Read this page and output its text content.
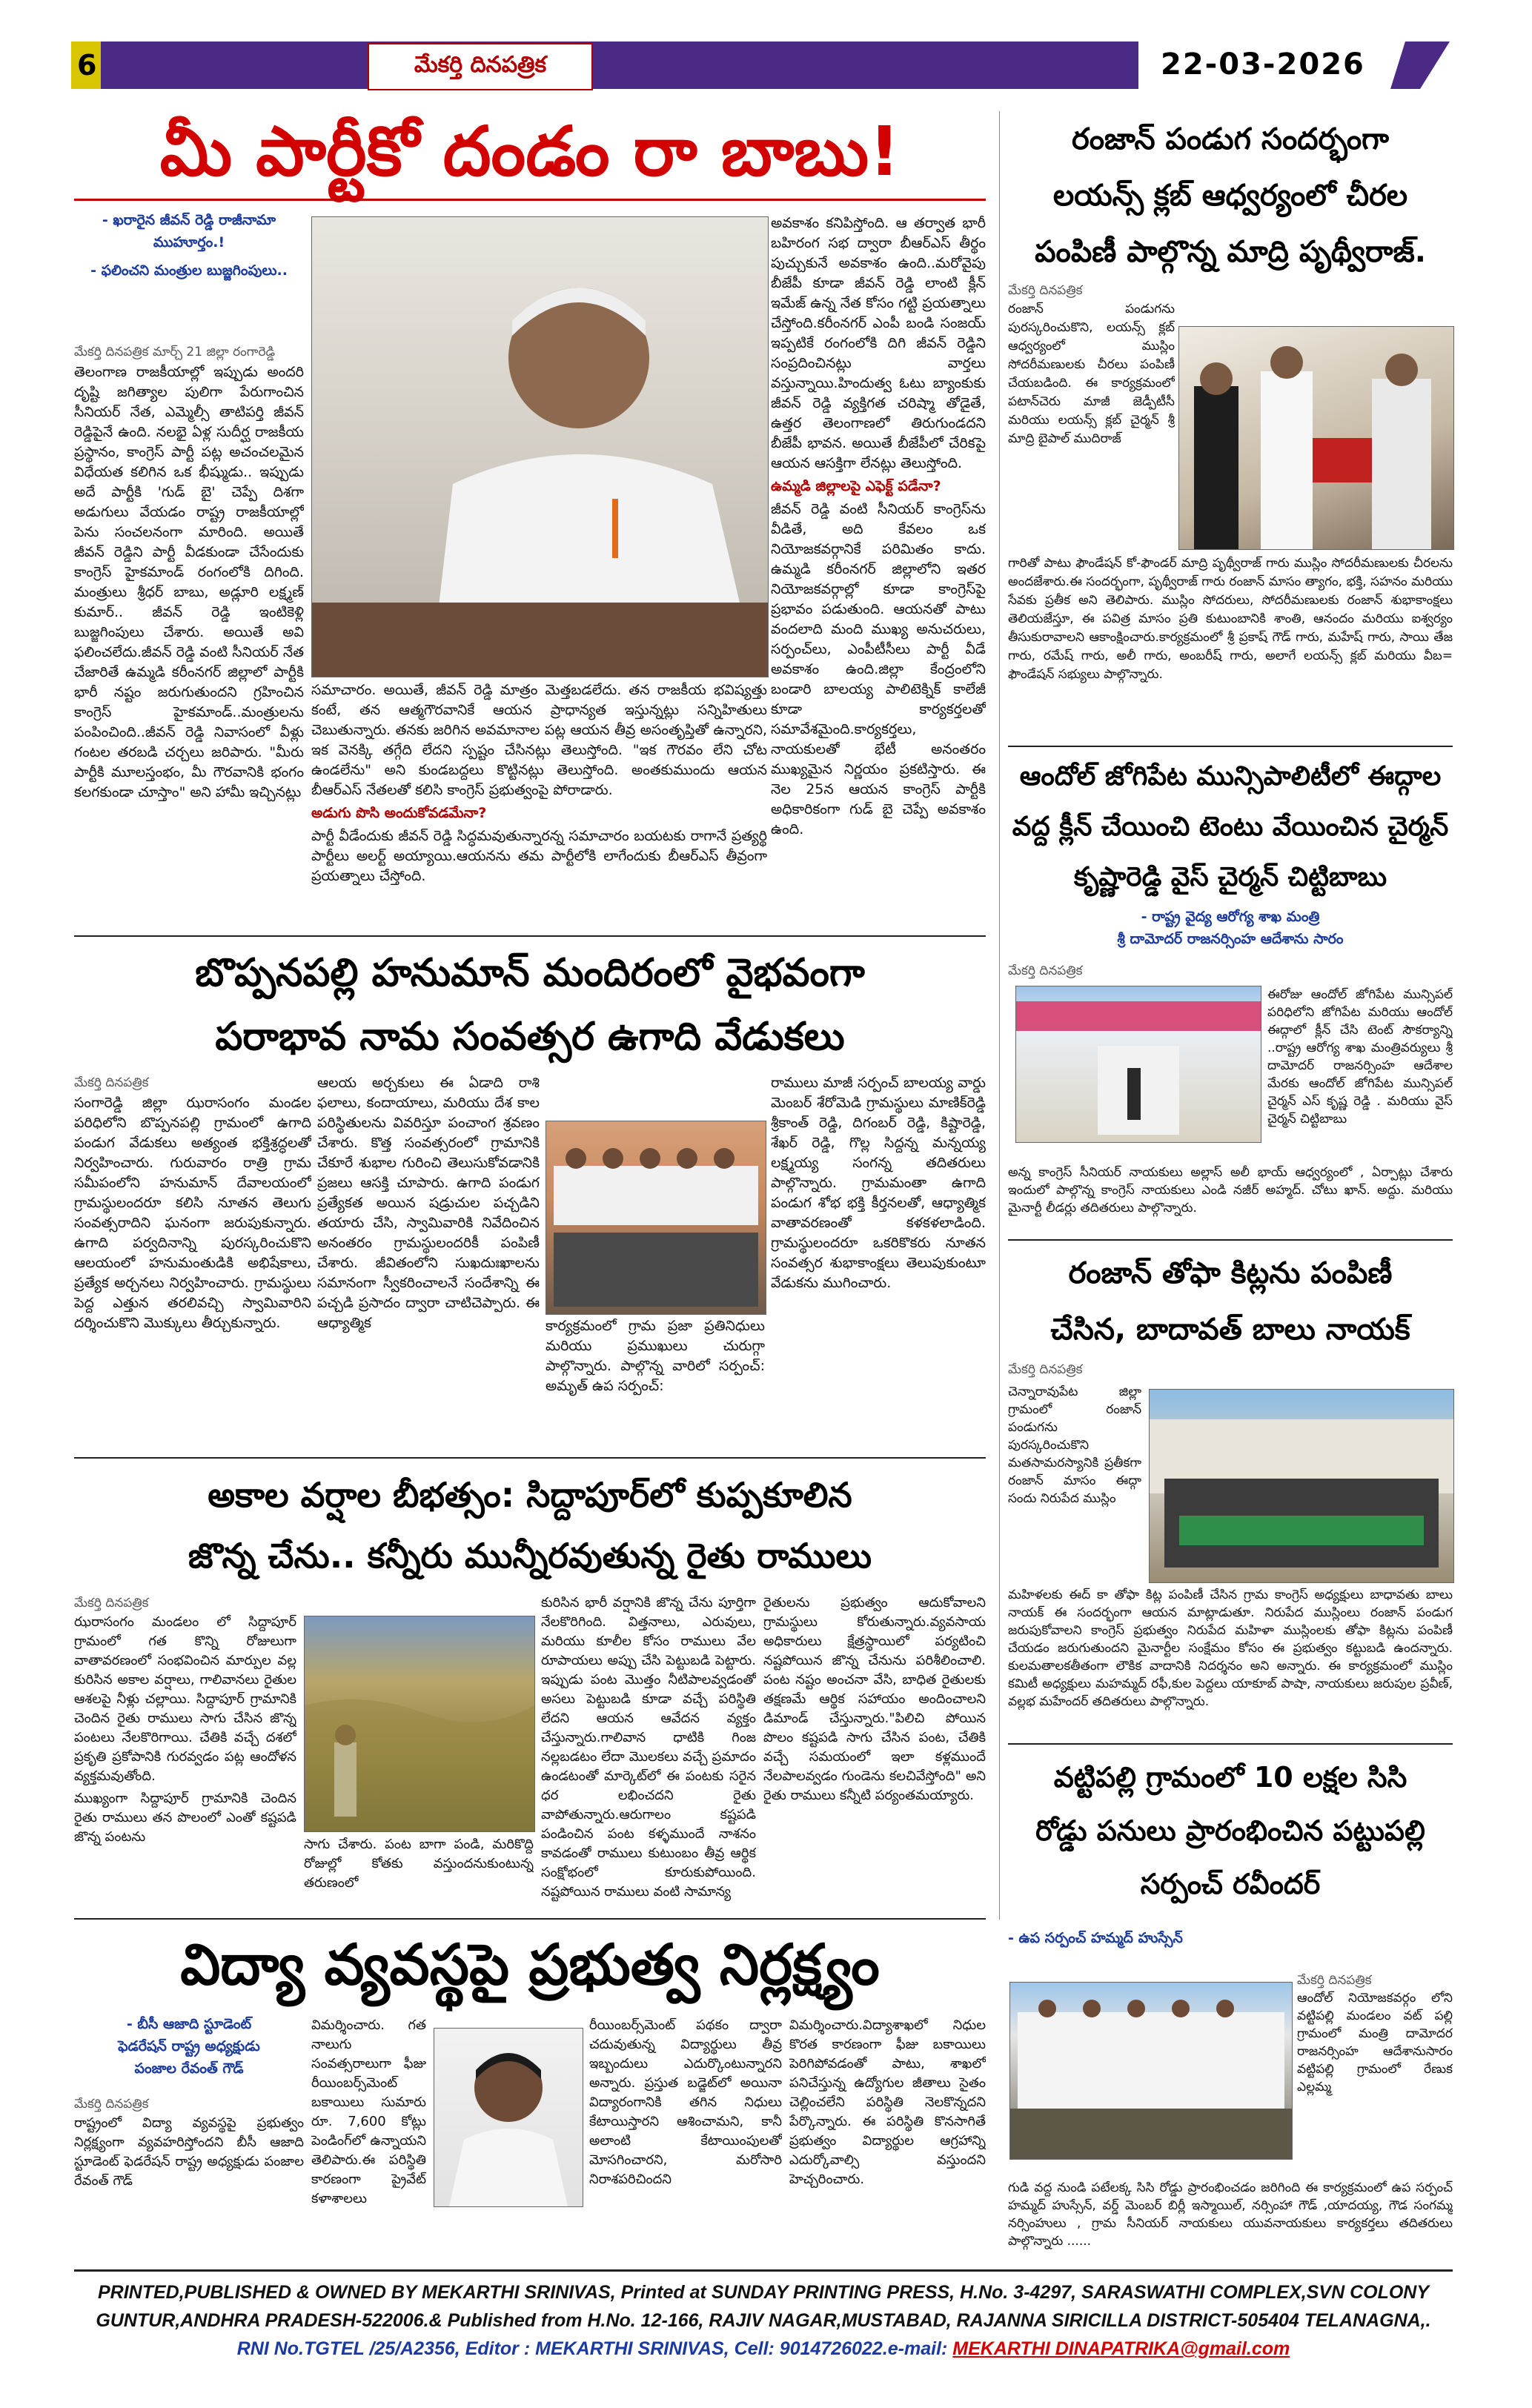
6	మేకర్తి దినపత్రిక	22-03-2026
మీ పార్టీకో దండం రా బాబు!
- ఖరారైన జీవన్ రెడ్డి రాజీనామా ముహూర్తం.!
- ఫలించని మంత్రుల బుజ్జగింపులు..
మేకర్తి దినపత్రిక మార్చ్ 21 జిల్లా రంగారెడ్డి

తెలంగాణ రాజకీయాల్లో ఇప్పుడు అందరి దృష్టి జగిత్యాల పులిగా పేరుగాంచిన సీనియర్ నేత, ఎమ్మెల్సీ తాటిపర్తి జీవన్ రెడ్డిపైనే ఉంది. నలభై ఏళ్ల సుదీర్ఘ రాజకీయ ప్రస్థానం, కాంగ్రెస్ పార్టీ పట్ల అచంచలమైన విధేయత కలిగిన ఒక భీష్ముడు.. ఇప్పుడు అదే పార్టీకి 'గుడ్ బై' చెప్పే దిశగా అడుగులు వేయడం రాష్ట్ర రాజకీయాల్లో పెను సంచలనంగా మారింది. అయితే జీవన్ రెడ్డిని పార్టీ వీడకుండా చేసేందుకు కాంగ్రెస్ హైకమాండ్ రంగంలోకి దిగింది. మంత్రులు శ్రీధర్ బాబు, అడ్లూరి లక్ష్మణ్ కుమార్.. జీవన్ రెడ్డి ఇంటికెళ్లి బుజ్జగింపులు చేశారు. అయితే అవి ఫలించలేదు.జీవన్ రెడ్డి వంటి సీనియర్ నేత చేజారితే ఉమ్మడి కరీంనగర్ జిల్లాలో పార్టీకి భారీ నష్టం జరుగుతుందని గ్రహించిన కాంగ్రెస్ హైకమాండ్..మంత్రులను పంపించింది..జీవన్ రెడ్డి నివాసంలో వీళ్లు గంటల తరబడి చర్చలు జరిపారు. "మీరు పార్టీకి మూలస్తంభం, మీ గౌరవానికి భంగం కలగకుండా చూస్తాం" అని హామీ ఇచ్చినట్లు

సమాచారం. అయితే, జీవన్ రెడ్డి మాత్రం మెత్తబడలేదు. తన రాజకీయ భవిష్యత్తు కంటే, తన ఆత్మగౌరవానికే ఆయన ప్రాధాన్యత ఇస్తున్నట్లు సన్నిహితులు చెబుతున్నారు. తనకు జరిగిన అవమానాల పట్ల ఆయన తీవ్ర అసంతృప్తితో ఉన్నారని, ఇక వెనక్కి తగ్గేది లేదని స్పష్టం చేసినట్లు తెలుస్తోంది. "ఇక గౌరవం లేని చోట ఉండలేను" అని కుండబద్దలు కొట్టినట్లు తెలుస్తోంది. అంతకుముందు ఆయన బీఆర్ఎస్ నేతలతో కలిసి కాంగ్రెస్ ప్రభుత్వంపై పోరాడారు.

అడుగు పొసి అందుకోవడమేనా?

పార్టీ వీడేందుకు జీవన్ రెడ్డి సిద్ధమవుతున్నారన్న సమాచారం బయటకు రాగానే ప్రత్యర్థి పార్టీలు అలర్ట్ అయ్యాయి.ఆయనను తమ పార్టీలోకి లాగేందుకు బీఆర్ఎస్ తీవ్రంగా ప్రయత్నాలు చేస్తోంది.

అవకాశం కనిపిస్తోంది. ఆ తర్వాత భారీ బహిరంగ సభ ద్వారా బీఆర్ఎస్ తీర్థం పుచ్చుకునే అవకాశం ఉంది..మరోవైపు బీజేపీ కూడా జీవన్ రెడ్డి లాంటి క్లీన్ ఇమేజ్ ఉన్న నేత కోసం గట్టి ప్రయత్నాలు చేస్తోంది.కరీంనగర్ ఎంపీ బండి సంజయ్ ఇప్పటికే రంగంలోకి దిగి జీవన్ రెడ్డిని సంప్రదించినట్లు వార్తలు వస్తున్నాయి.హిందుత్వ ఓటు బ్యాంకుకు జీవన్ రెడ్డి వ్యక్తిగత చరిష్మా తోడైతే, ఉత్తర తెలంగాణలో తిరుగుండదని బీజేపీ భావన. అయితే బీజేపీలో చేరికపై ఆయన ఆసక్తిగా లేనట్లు తెలుస్తోంది.

ఉమ్మడి జిల్లాలపై ఎఫెక్ట్ పడేనా?

జీవన్ రెడ్డి వంటి సీనియర్ కాంగ్రెస్‌ను వీడితే, అది కేవలం ఒక నియోజకవర్గానికే పరిమితం కాదు. ఉమ్మడి కరీంనగర్ జిల్లాలోని ఇతర నియోజకవర్గాల్లో కూడా కాంగ్రెస్‌పై ప్రభావం పడుతుంది. ఆయనతో పాటు వందలాది మంది ముఖ్య అనుచరులు, సర్పంచ్‌లు, ఎంపీటీసీలు పార్టీ వీడే అవకాశం ఉంది.జిల్లా కేంద్రంలోని బండారి బాలయ్య పాలిటెక్నిక్ కాలేజీ కూడా కార్యకర్తలతో సమావేశమైంది.కార్యకర్తలు, నాయకులతో భేటీ అనంతరం ముఖ్యమైన నిర్ణయం ప్రకటిస్తారు. ఈ నెల 25న ఆయన కాంగ్రెస్ పార్టీకి అధికారికంగా గుడ్ బై చెప్పే అవకాశం ఉంది.

రంజాన్ పండుగ సందర్భంగా
లయన్స్ క్లబ్ ఆధ్వర్యంలో చీరల
పంపిణీ పాల్గొన్న మాద్రి పృథ్వీరాజ్.
మేకర్తి దినపత్రిక

రంజాన్ పండుగను పురస్కరించుకొని, లయన్స్ క్లబ్ ఆధ్వర్యంలో ముస్లిం సోదరీమణులకు చీరలు పంపిణీ చేయబడింది. ఈ కార్యక్రమంలో పటాన్‌చెరు మాజీ జెడ్పీటీసీ మరియు లయన్స్ క్లబ్ చైర్మన్ శ్రీ మాద్రి బైపాల్ ముదిరాజ్

గారితో పాటు ఫౌండేషన్ కో-ఫౌండర్ మాద్రి పృథ్వీరాజ్ గారు ముస్లిం సోదరీమణులకు చీరలను అందజేశారు.ఈ సందర్భంగా, పృథ్వీరాజ్ గారు రంజాన్ మాసం త్యాగం, భక్తి, సహనం మరియు సేవకు ప్రతీక అని తెలిపారు. ముస్లిం సోదరులు, సోదరీమణులకు రంజాన్ శుభాకాంక్షలు తెలియజేస్తూ, ఈ పవిత్ర మాసం ప్రతి కుటుంబానికి శాంతి, ఆనందం మరియు ఐశ్వర్యం తీసుకురావాలని ఆకాంక్షించారు.కార్యక్రమంలో శ్రీ ప్రకాష్ గౌడ్ గారు, మహేష్ గారు, సాయి తేజ గారు, రమేష్ గారు, అలీ గారు, అంబరీష్ గారు, అలాగే లయన్స్ క్లబ్ మరియు వీబ= ఫౌండేషన్ సభ్యులు పాల్గొన్నారు.

ఆందోల్ జోగిపేట మున్సిపాలిటీలో ఈద్గాల
వద్ద క్లీన్ చేయించి టెంటు వేయించిన చైర్మన్
కృష్ణారెడ్డి వైస్ చైర్మన్ చిట్టిబాబు
- రాష్ట్ర వైద్య ఆరోగ్య శాఖ మంత్రి
శ్రీ దామోదర్ రాజనర్సింహ ఆదేశాను సారం
మేకర్తి దినపత్రిక

ఈరోజు ఆందోల్ జోగిపేట మున్సిపల్ పరిధిలోని జోగిపేట మరియు ఆందోల్ ఈద్గాలో క్లీన్ చేసి టెంట్ సౌకర్యాన్ని ..రాష్ట్ర ఆరోగ్య శాఖ మంత్రివర్యులు శ్రీ దామోదర్ రాజనర్సింహ ఆదేశాల మేరకు ఆందోల్ జోగిపేట మున్సిపల్ చైర్మన్ ఎస్ కృష్ణ రెడ్డి . మరియు వైస్ చైర్మన్ చిట్టిబాబు

అన్న కాంగ్రెస్ సీనియర్ నాయకులు అల్లాస్ అలీ భాయ్ ఆధ్వర్యంలో , ఏర్పాట్లు చేశారు ఇందులో పాల్గొన్న కాంగ్రెస్ నాయకులు ఎండి నజీర్ అహ్మద్. చోటు ఖాన్. అద్దు. మరియు మైనార్టీ లీడర్లు తదితరులు పాల్గొన్నారు.

బొప్పనపల్లి హనుమాన్ మందిరంలో వైభవంగా
పరాభావ నామ సంవత్సర ఉగాది వేడుకలు
మేకర్తి దినపత్రిక

సంగారెడ్డి జిల్లా ఝరాసంగం మండల పరిధిలోని బొప్పనపల్లి గ్రామంలో ఉగాది పండుగ వేడుకలు అత్యంత భక్తిశ్రద్ధలతో నిర్వహించారు. గురువారం రాత్రి గ్రామ సమీపంలోని హనుమాన్ దేవాలయంలో గ్రామస్థులందరూ కలిసి నూతన తెలుగు సంవత్సరాదిని ఘనంగా జరుపుకున్నారు. ఉగాది పర్వదినాన్ని పురస్కరించుకొని ఆలయంలో హనుమంతుడికి అభిషేకాలు, ప్రత్యేక అర్చనలు నిర్వహించారు. గ్రామస్థులు పెద్ద ఎత్తున తరలివచ్చి స్వామివారిని దర్శించుకొని మొక్కులు తీర్చుకున్నారు.

ఆలయ అర్చకులు ఈ ఏడాది రాశి ఫలాలు, కందాయాలు, మరియు దేశ కాల పరిస్థితులను వివరిస్తూ పంచాంగ శ్రవణం చేశారు. కొత్త సంవత్సరంలో గ్రామానికి చేకూరే శుభాల గురించి తెలుసుకోవడానికి ప్రజలు ఆసక్తి చూపారు. ఉగాది పండుగ ప్రత్యేకత అయిన షడ్రుచుల పచ్చడిని తయారు చేసి, స్వామివారికి నివేదించిన అనంతరం గ్రామస్థులందరికీ పంపిణీ చేశారు. జీవితంలోని సుఖదుఃఖాలను సమానంగా స్వీకరించాలనే సందేశాన్ని ఈ పచ్చడి ప్రసాదం ద్వారా చాటిచెప్పారు. ఈ ఆధ్యాత్మిక	కార్యక్రమంలో గ్రామ ప్రజా ప్రతినిధులు మరియు ప్రముఖులు చురుగ్గా పాల్గొన్నారు. పాల్గొన్న వారిలో సర్పంచ్: అమృత్ ఉప సర్పంచ్:

రాములు మాజీ సర్పంచ్ బాలయ్య వార్డు మెంబర్ శేరోమెడి గ్రామస్థులు మాణిక్‌రెడ్డి శ్రీకాంత్ రెడ్డి, దిగంబర్ రెడ్డి, కిష్టారెడ్డి, శేఖర్ రెడ్డి, గొల్ల సిద్దన్న మన్నయ్య లక్ష్మయ్య సంగన్న తదితరులు పాల్గొన్నారు. గ్రామమంతా ఉగాది పండుగ శోభ భక్తి కీర్తనలతో, ఆధ్యాత్మిక వాతావరణంతో కళకళలాడింది. గ్రామస్థులందరూ ఒకరికొకరు నూతన సంవత్సర శుభాకాంక్షలు తెలుపుకుంటూ వేడుకను ముగించారు.	రంజాన్ తోఫా కిట్లను పంపిణీ
చేసిన, బాదావత్ బాలు నాయక్
మేకర్తి దినపత్రిక

చెన్నారావుపేట జిల్లా గ్రామంలో రంజాన్ పండుగను పురస్కరించుకొని మతసామరస్యానికి ప్రతీకగా రంజాన్ మాసం ఈద్గా సందు నిరుపేద ముస్లిం

మహిళలకు ఈద్ కా తోఫా కిట్ల పంపిణీ చేసిన గ్రామ కాంగ్రెస్ అధ్యక్షులు బాధావతు బాలు నాయక్ ఈ సందర్భంగా ఆయన మాట్లాడుతూ. నిరుపేద ముస్లింలు రంజాన్ పండుగ జరుపుకోవాలని కాంగ్రెస్ ప్రభుత్వం నిరుపేద మహిళా ముస్లింలకు తోఫా కిట్లను పంపిణీ చేయడం జరుగుతుందని మైనార్టీల సంక్షేమం కోసం ఈ ప్రభుత్వం కట్టుబడి ఉందన్నారు. కులమతాలకతీతంగా లౌకిక వాదానికి నిదర్శనం అని అన్నారు. ఈ కార్యక్రమంలో ముస్లిం కమిటీ అధ్యక్షులు మహమ్మద్ రఫీ,కుల పెద్దలు యాకూబ్ పాషా, నాయకులు జరుపుల ప్రవీణ్, వల్లభ మహేందర్ తదితరులు పాల్గొన్నారు.

అకాల వర్షాల బీభత్సం: సిద్దాపూర్‌లో కుప్పకూలిన
జొన్న చేను.. కన్నీరు మున్నీరవుతున్న రైతు రాములు
మేకర్తి దినపత్రిక

ఝరాసంగం మండలం లో సిద్దాపూర్ గ్రామంలో గత కొన్ని రోజులుగా వాతావరణంలో సంభవించిన మార్పుల వల్ల కురిసిన అకాల వర్షాలు, గాలివానలు రైతుల ఆశలపై నీళ్లు చల్లాయి. సిద్దాపూర్ గ్రామానికి చెందిన రైతు రాములు సాగు చేసిన జొన్న పంటలు నేలకొరిగాయి. చేతికి వచ్చే దశలో ప్రకృతి ప్రకోపానికి గురవ్వడం పట్ల ఆందోళన వ్యక్తమవుతోంది.

ముఖ్యంగా సిద్దాపూర్ గ్రామానికి చెందిన రైతు రాములు తన పొలంలో ఎంతో కష్టపడి జొన్న పంటను	సాగు చేశారు. పంట బాగా పండి, మరికొద్ది రోజుల్లో కోతకు వస్తుందనుకుంటున్న తరుణంలో

కురిసిన భారీ వర్షానికి జొన్న చేను పూర్తిగా నేలకొరిగింది. విత్తనాలు, ఎరువులు, మరియు కూలీల కోసం రాములు వేల రూపాయలు అప్పు చేసి పెట్టుబడి పెట్టారు. ఇప్పుడు పంట మొత్తం నీటిపాలవ్వడంతో అసలు పెట్టుబడి కూడా వచ్చే పరిస్థితి లేదని ఆయన ఆవేదన వ్యక్తం చేస్తున్నారు.గాలివాన ధాటికి గింజ నల్లబడటం లేదా మొలకలు వచ్చే ప్రమాదం ఉండటంతో మార్కెట్‌లో ఈ పంటకు సరైన ధర లభించదని రైతు వాపోతున్నారు.ఆరుగాలం కష్టపడి పండించిన పంట కళ్ళముందే నాశనం కావడంతో రాములు కుటుంబం తీవ్ర ఆర్థిక సంక్షోభంలో కూరుకుపోయింది. నష్టపోయిన రాములు వంటి సామాన్య

రైతులను ప్రభుత్వం ఆదుకోవాలని గ్రామస్థులు కోరుతున్నారు.వ్యవసాయ అధికారులు క్షేత్రస్థాయిలో పర్యటించి నష్టపోయిన జొన్న చేనును పరిశీలించాలి. పంట నష్టం అంచనా వేసి, బాధిత రైతులకు తక్షణమే ఆర్థిక సహాయం అందించాలని డిమాండ్ చేస్తున్నారు."పిలిచి పోయిన పొలం కష్టపడి సాగు చేసిన పంట, చేతికి వచ్చే సమయంలో ఇలా కళ్లముందే నేలపాలవ్వడం గుండెను కలచివేస్తోంది" అని రైతు రాములు కన్నీటి పర్యంతమయ్యారు.

వట్టిపల్లి గ్రామంలో 10 లక్షల సిసి
రోడ్డు పనులు ప్రారంభించిన పట్టుపల్లి
సర్పంచ్ రవీందర్
- ఉప సర్పంచ్ హమ్మద్ హుస్సేన్
మేకర్తి దినపత్రిక

ఆందోల్ నియోజకవర్గం లోని వట్టిపల్లి మండలం వట్ పల్లి గ్రామంలో మంత్రి దామోదర రాజనర్సింహ ఆదేశానుసారం వట్టిపల్లి గ్రామంలో రేణుక ఎల్లమ్మ

గుడి వద్ద నుండి పటేలక్క సిసి రోడ్డు ప్రారంభించడం జరిగింది ఈ కార్యక్రమంలో ఉప సర్పంచ్ హమ్మద్ హుస్సేన్, వర్డ్ మెంబర్ బిర్లీ ఇస్మాయిల్, నర్సింహా గౌడ్ ,యాదయ్య, గౌడ సంగమ్మ నర్సింహులు , గ్రామ సీనియర్ నాయకులు యువనాయకులు కార్యకర్తలు తదితరులు పాల్గొన్నారు ......

విద్యా వ్యవస్థపై ప్రభుత్వ నిర్లక్ష్యం
- బీసీ ఆజాది స్టూడెంట్
ఫెడరేషన్ రాష్ట్ర అధ్యక్షుడు
పంజాల రేవంత్ గౌడ్
మేకర్తి దినపత్రిక

రాష్ట్రంలో విద్యా వ్యవస్థపై ప్రభుత్వం నిర్లక్ష్యంగా వ్యవహరిస్తోందని బీసీ ఆజాది స్టూడెంట్ ఫెడరేషన్ రాష్ట్ర అధ్యక్షుడు పంజాల రేవంత్ గౌడ్

విమర్శించారు. గత నాలుగు సంవత్సరాలుగా ఫీజు రీయింబర్స్‌మెంట్ బకాయిలు సుమారు రూ. 7,600 కోట్లు పెండింగ్‌లో ఉన్నాయని తెలిపారు.ఈ పరిస్థితి కారణంగా ప్రైవేట్ కళాశాలలు

రీయింబర్స్‌మెంట్ పథకం ద్వారా చదువుతున్న విద్యార్థులు తీవ్ర ఇబ్బందులు ఎదుర్కొంటున్నారని అన్నారు. ప్రస్తుత బడ్జెట్‌లో అయినా విద్యారంగానికి తగిన నిధులు కేటాయిస్తారని ఆశించామని, కానీ అలాంటి కేటాయింపులతో మోసగించారని, మరోసారి నిరాశపరిచిందని

విమర్శించారు.విద్యాశాఖలో నిధుల కొరత కారణంగా ఫీజు బకాయిలు పెరిగిపోవడంతో పాటు, శాఖలో పనిచేస్తున్న ఉద్యోగుల జీతాలు సైతం చెల్లించలేని పరిస్థితి నెలకొన్నదని పేర్కొన్నారు. ఈ పరిస్థితి కొనసాగితే ప్రభుత్వం విద్యార్థుల ఆగ్రహాన్ని ఎదుర్కోవాల్సి వస్తుందని హెచ్చరించారు.

PRINTED,PUBLISHED & OWNED BY MEKARTHI SRINIVAS, Printed at SUNDAY PRINTING PRESS, H.No. 3-4297, SARASWATHI COMPLEX,SVN COLONY
GUNTUR,ANDHRA PRADESH-522006.& Published from H.No. 12-166, RAJIV NAGAR,MUSTABAD, RAJANNA SIRICILLA DISTRICT-505404 TELANAGNA,.
RNI No.TGTEL /25/A2356, Editor : MEKARTHI SRINIVAS, Cell: 9014726022.e-mail: MEKARTHI DINAPATRIKA@gmail.com
